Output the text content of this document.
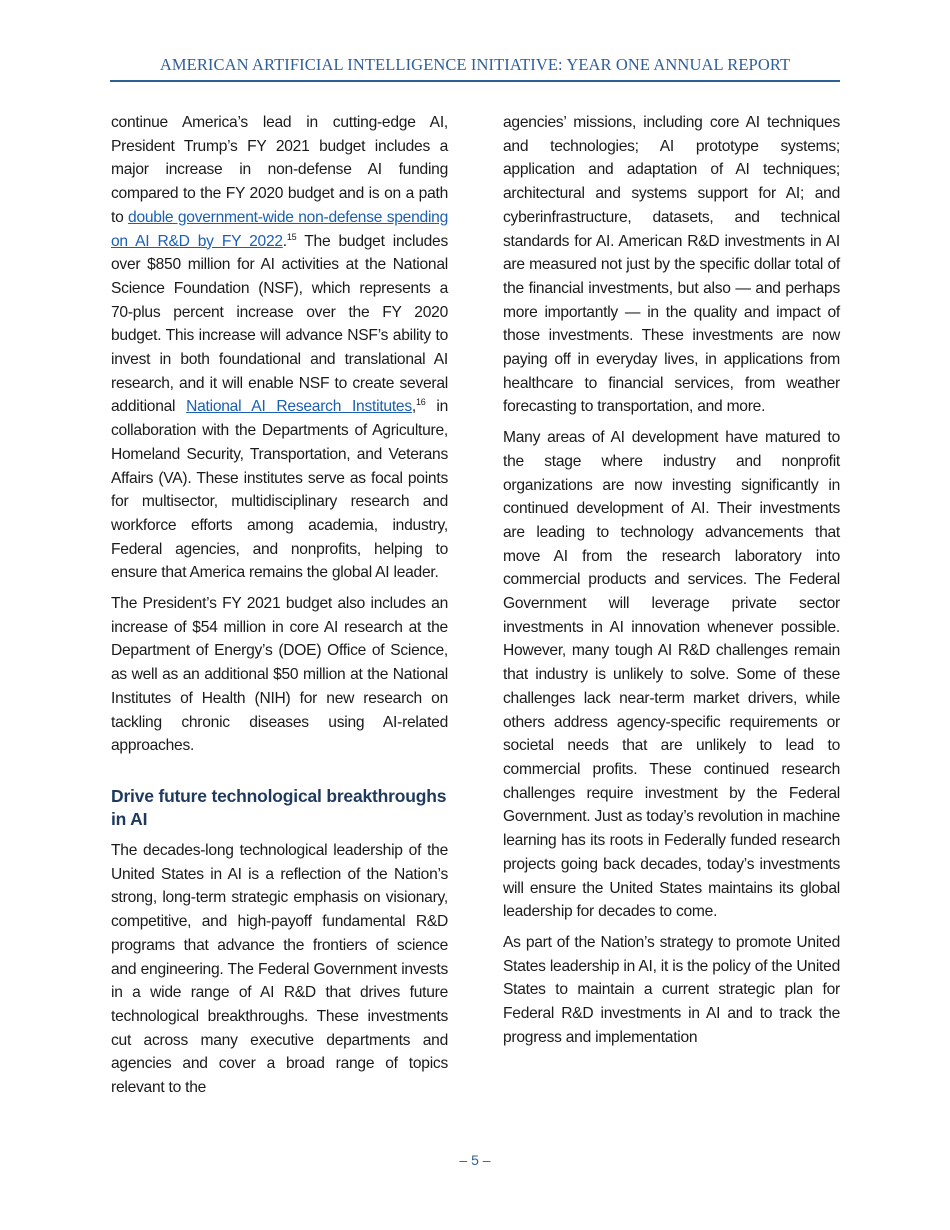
AMERICAN ARTIFICIAL INTELLIGENCE INITIATIVE: YEAR ONE ANNUAL REPORT

continue America’s lead in cutting-edge AI, President Trump’s FY 2021 budget includes a major increase in non-defense AI funding compared to the FY 2020 budget and is on a path to double government-wide non-defense spending on AI R&D by FY 2022.15 The budget includes over $850 million for AI activities at the National Science Foundation (NSF), which represents a 70-plus percent increase over the FY 2020 budget. This increase will advance NSF’s ability to invest in both foundational and translational AI research, and it will enable NSF to create several additional National AI Research Institutes,$^{16}$ in collaboration with the Departments of Agriculture, Homeland Security, Transportation, and Veterans Affairs (VA). These institutes serve as focal points for multisector, multidisciplinary research and workforce efforts among academia, industry, Federal agencies, and nonprofits, helping to ensure that America remains the global AI leader.

The President’s FY 2021 budget also includes an increase of $54 million in core AI research at the Department of Energy’s (DOE) Office of Science, as well as an additional $50 million at the National Institutes of Health (NIH) for new research on tackling chronic diseases using AI-related approaches.

Drive future technological breakthroughs in AI

The decades-long technological leadership of the United States in AI is a reflection of the Nation’s strong, long-term strategic emphasis on visionary, competitive, and high-payoff fundamental R&D programs that advance the frontiers of science and engineering. The Federal Government invests in a wide range of AI R&D that drives future technological breakthroughs. These investments cut across many executive departments and agencies and cover a broad range of topics relevant to the

agencies’ missions, including core AI techniques and technologies; AI prototype systems; application and adaptation of AI techniques; architectural and systems support for AI; and cyberinfrastructure, datasets, and technical standards for AI. American R&D investments in AI are measured not just by the specific dollar total of the financial investments, but also — and perhaps more importantly — in the quality and impact of those investments. These investments are now paying off in everyday lives, in applications from healthcare to financial services, from weather forecasting to transportation, and more.

Many areas of AI development have matured to the stage where industry and nonprofit organizations are now investing significantly in continued development of AI. Their investments are leading to technology advancements that move AI from the research laboratory into commercial products and services. The Federal Government will leverage private sector investments in AI innovation whenever possible. However, many tough AI R&D challenges remain that industry is unlikely to solve. Some of these challenges lack near-term market drivers, while others address agency-specific requirements or societal needs that are unlikely to lead to commercial profits. These continued research challenges require investment by the Federal Government. Just as today’s revolution in machine learning has its roots in Federally funded research projects going back decades, today’s investments will ensure the United States maintains its global leadership for decades to come.

As part of the Nation’s strategy to promote United States leadership in AI, it is the policy of the United States to maintain a current strategic plan for Federal R&D investments in AI and to track the progress and implementation

– 5 –
